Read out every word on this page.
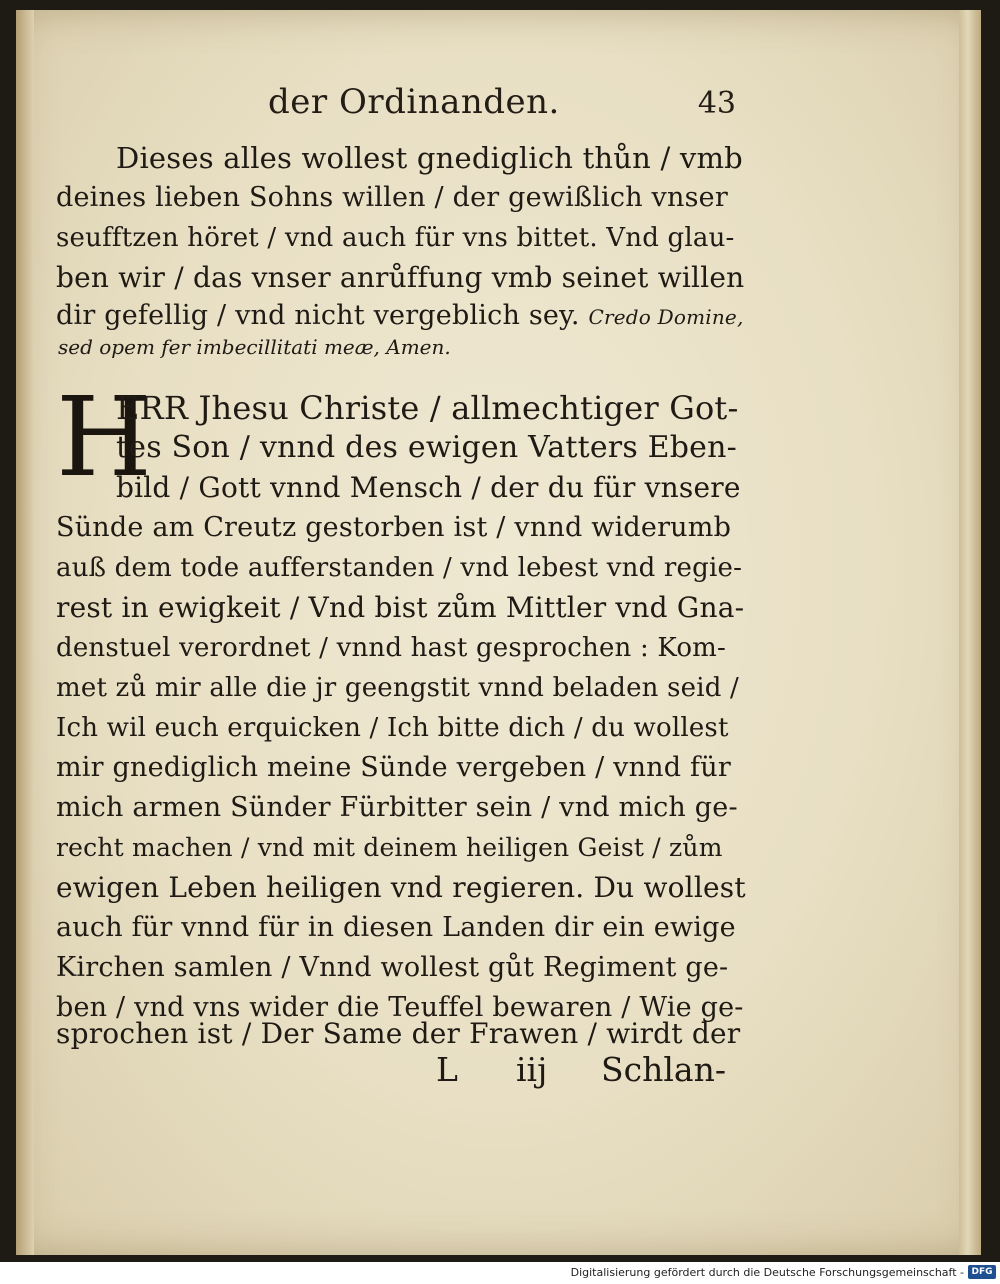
der Ordinanden.	43
Dieses alles wollest gnediglich thůn / vmb
deines lieben Sohns willen / der gewißlich vnser
seufftzen höret / vnd auch für vns bittet. Vnd glau-
ben wir / das vnser anrůffung vmb seinet willen
dir gefellig / vnd nicht vergeblich sey. Credo Domine,
sed opem fer imbecillitati meæ, Amen.
H
ERR Jhesu Christe / allmechtiger Got-
tes Son / vnnd des ewigen Vatters Eben-
bild / Gott vnnd Mensch / der du für vnsere
Sünde am Creutz gestorben ist / vnnd widerumb
auß dem tode aufferstanden / vnd lebest vnd regie-
rest in ewigkeit / Vnd bist zům Mittler vnd Gna-
denstuel verordnet / vnnd hast gesprochen : Kom-
met zů mir alle die jr geengstit vnnd beladen seid /
Ich wil euch erquicken / Ich bitte dich / du wollest
mir gnediglich meine Sünde vergeben / vnnd für
mich armen Sünder Fürbitter sein / vnd mich ge-
recht machen / vnd mit deinem heiligen Geist / zům
ewigen Leben heiligen vnd regieren. Du wollest
auch für vnnd für in diesen Landen dir ein ewige
Kirchen samlen / Vnnd wollest gůt Regiment ge-
ben / vnd vns wider die Teuffel bewaren / Wie ge-
sprochen ist / Der Same der Frawen / wirdt der
L iij Schlan-
Digitalisierung gefördert durch die Deutsche Forschungsgemeinschaft - DFG
